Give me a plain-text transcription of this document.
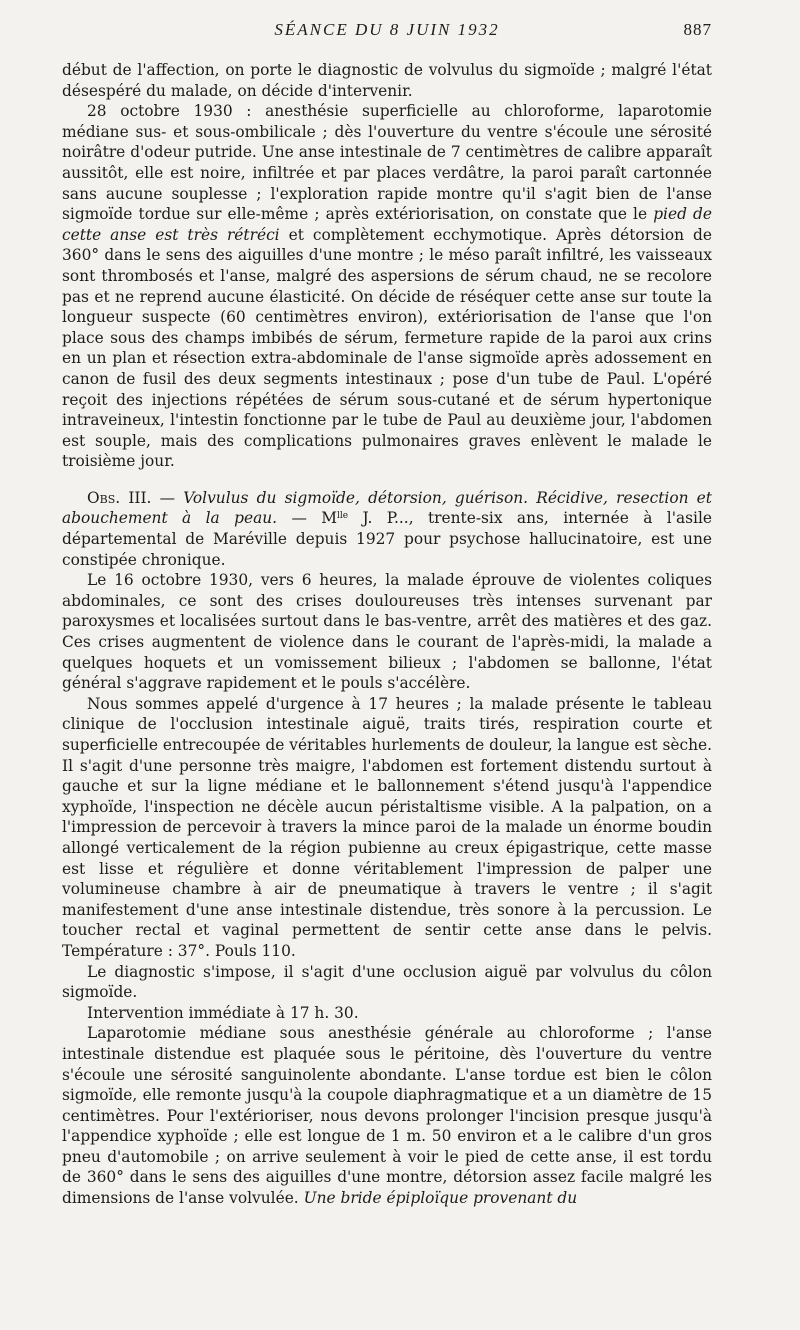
SÉANCE DU 8 JUIN 1932	887

début de l'affection, on porte le diagnostic de volvulus du sigmoïde ; malgré l'état désespéré du malade, on décide d'intervenir.

28 octobre 1930 : anesthésie superficielle au chloroforme, laparotomie médiane sus- et sous-ombilicale ; dès l'ouverture du ventre s'écoule une sérosité noirâtre d'odeur putride. Une anse intestinale de 7 centimètres de calibre apparaît aussitôt, elle est noire, infiltrée et par places verdâtre, la paroi paraît cartonnée sans aucune souplesse ; l'exploration rapide montre qu'il s'agit bien de l'anse sigmoïde tordue sur elle-même ; après extériorisation, on constate que le pied de cette anse est très rétréci et complètement ecchymotique. Après détorsion de 360° dans le sens des aiguilles d'une montre ; le méso paraît infiltré, les vaisseaux sont thrombosés et l'anse, malgré des aspersions de sérum chaud, ne se recolore pas et ne reprend aucune élasticité. On décide de réséquer cette anse sur toute la longueur suspecte (60 centimètres environ), extériorisation de l'anse que l'on place sous des champs imbibés de sérum, fermeture rapide de la paroi aux crins en un plan et résection extra-abdominale de l'anse sigmoïde après adossement en canon de fusil des deux segments intestinaux ; pose d'un tube de Paul. L'opéré reçoit des injections répétées de sérum sous-cutané et de sérum hypertonique intraveineux, l'intestin fonctionne par le tube de Paul au deuxième jour, l'abdomen est souple, mais des complications pulmonaires graves enlèvent le malade le troisième jour.

Obs. III. — Volvulus du sigmoïde, détorsion, guérison. Récidive, resection et abouchement à la peau. — $M^{lle}$ J. P..., trente-six ans, internée à l'asile départemental de Maréville depuis 1927 pour psychose hallucinatoire, est une constipée chronique.

Le 16 octobre 1930, vers 6 heures, la malade éprouve de violentes coliques abdominales, ce sont des crises douloureuses très intenses survenant par paroxysmes et localisées surtout dans le bas-ventre, arrêt des matières et des gaz. Ces crises augmentent de violence dans le courant de l'après-midi, la malade a quelques hoquets et un vomissement bilieux ; l'abdomen se ballonne, l'état général s'aggrave rapidement et le pouls s'accélère.

Nous sommes appelé d'urgence à 17 heures ; la malade présente le tableau clinique de l'occlusion intestinale aiguë, traits tirés, respiration courte et superficielle entrecoupée de véritables hurlements de douleur, la langue est sèche. Il s'agit d'une personne très maigre, l'abdomen est fortement distendu surtout à gauche et sur la ligne médiane et le ballonnement s'étend jusqu'à l'appendice xyphoïde, l'inspection ne décèle aucun péristaltisme visible. A la palpation, on a l'impression de percevoir à travers la mince paroi de la malade un énorme boudin allongé verticalement de la région pubienne au creux épigastrique, cette masse est lisse et régulière et donne véritablement l'impression de palper une volumineuse chambre à air de pneumatique à travers le ventre ; il s'agit manifestement d'une anse intestinale distendue, très sonore à la percussion. Le toucher rectal et vaginal permettent de sentir cette anse dans le pelvis. Température : 37°. Pouls 110.

Le diagnostic s'impose, il s'agit d'une occlusion aiguë par volvulus du côlon sigmoïde.

Intervention immédiate à 17 h. 30.

Laparotomie médiane sous anesthésie générale au chloroforme ; l'anse intestinale distendue est plaquée sous le péritoine, dès l'ouverture du ventre s'écoule une sérosité sanguinolente abondante. L'anse tordue est bien le côlon sigmoïde, elle remonte jusqu'à la coupole diaphragmatique et a un diamètre de 15 centimètres. Pour l'extérioriser, nous devons prolonger l'incision presque jusqu'à l'appendice xyphoïde ; elle est longue de 1 m. 50 environ et a le calibre d'un gros pneu d'automobile ; on arrive seulement à voir le pied de cette anse, il est tordu de 360° dans le sens des aiguilles d'une montre, détorsion assez facile malgré les dimensions de l'anse volvulée. Une bride épiploïque provenant du
